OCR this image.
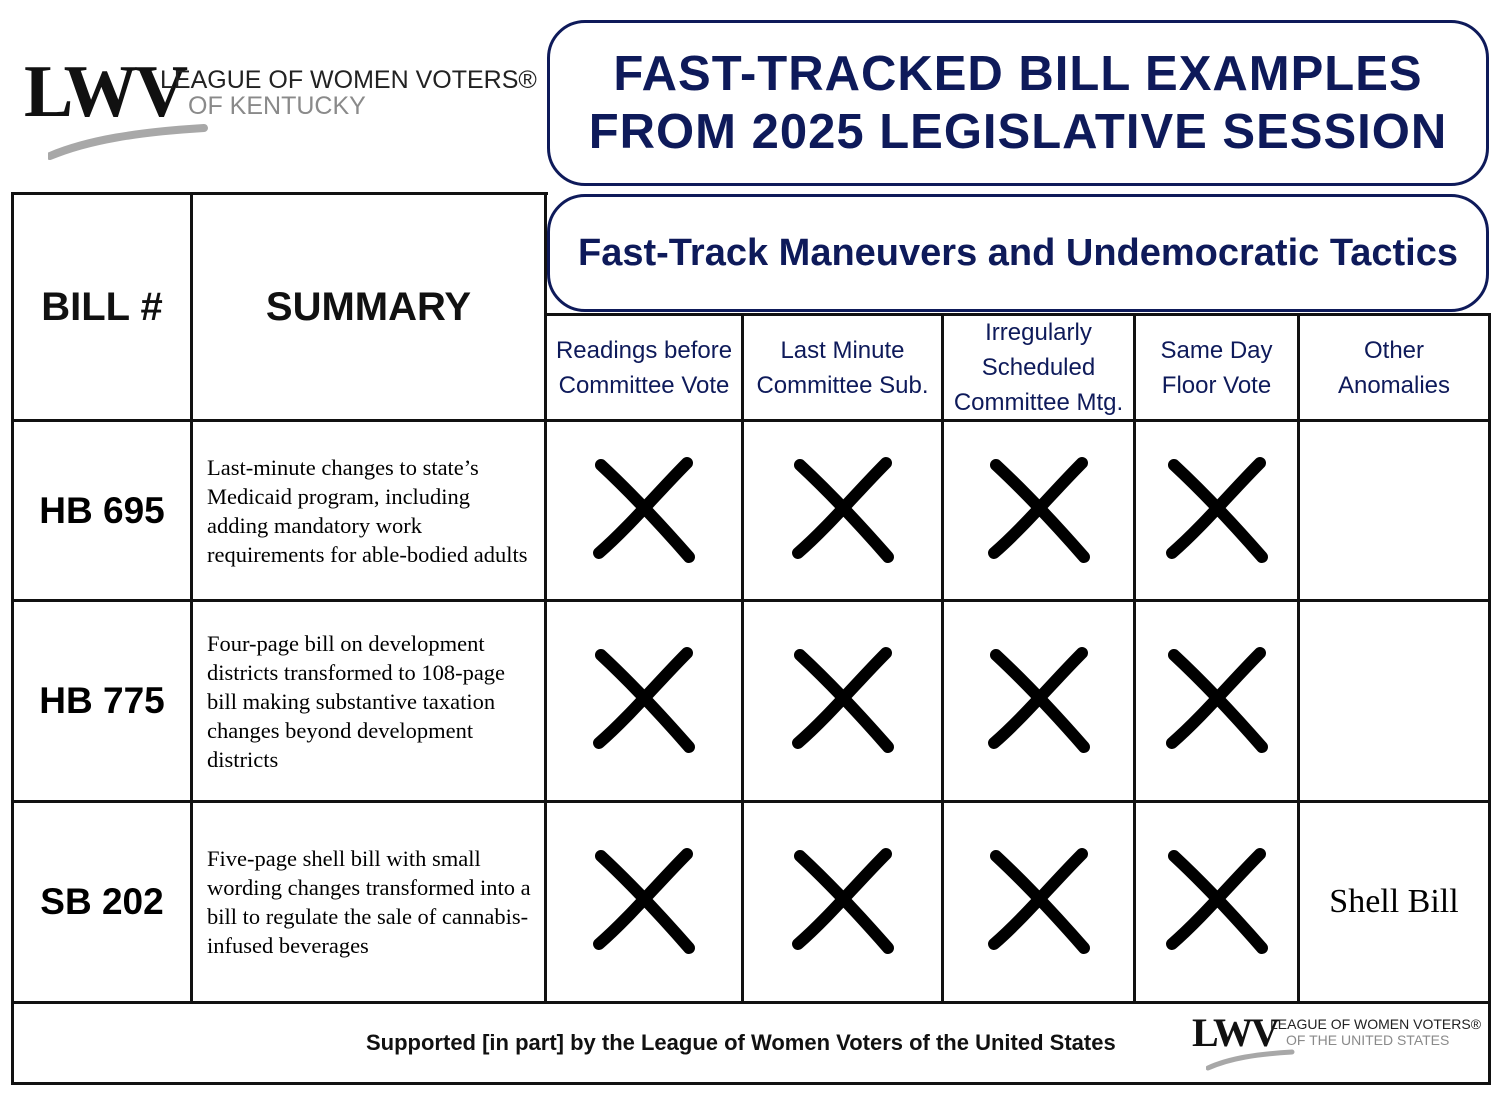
LWV
LEAGUE OF WOMEN VOTERS®
OF KENTUCKY
FAST-TRACKED BILL EXAMPLES
FROM 2025 LEGISLATIVE SESSION
BILL #	SUMMARY
Fast-Track Maneuvers and Undemocratic Tactics
Readings before
Committee Vote
Last Minute
Committee Sub.
Irregularly
Scheduled
Committee Mtg.
Same Day
Floor Vote
Other
Anomalies
HB 695
Last-minute changes to state’s Medicaid program, including adding mandatory work requirements for able-bodied adults
HB 775
Four-page bill on development districts transformed to 108-page bill making substantive taxation changes beyond development districts
SB 202
Five-page shell bill with small wording changes transformed into a bill to regulate the sale of cannabis-infused beverages
Shell Bill
Supported [in part] by the League of Women Voters of the United States LWV
LEAGUE OF WOMEN VOTERS®
OF THE UNITED STATES
